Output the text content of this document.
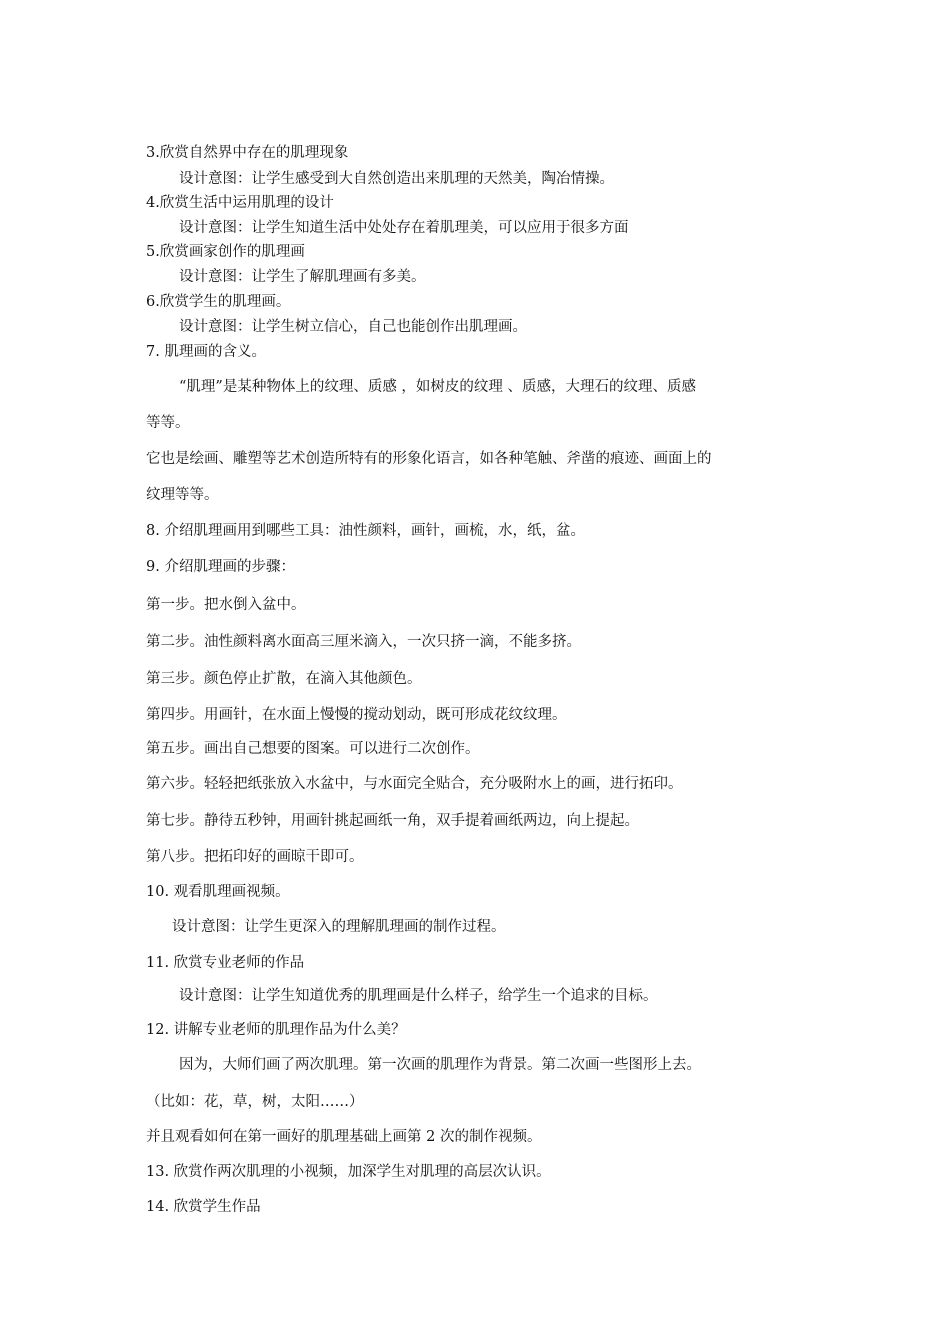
3.欣赏自然界中存在的肌理现象
设计意图：让学生感受到大自然创造出来肌理的天然美，陶冶情操。
4.欣赏生活中运用肌理的设计
设计意图：让学生知道生活中处处存在着肌理美，可以应用于很多方面
5.欣赏画家创作的肌理画
设计意图：让学生了解肌理画有多美。
6.欣赏学生的肌理画。
设计意图：让学生树立信心，自己也能创作出肌理画。
7. 肌理画的含义。
“肌理”是某种物体上的纹理、质感 ，如树皮的纹理 、质感，大理石的纹理、质感
等等。
它也是绘画、雕塑等艺术创造所特有的形象化语言，如各种笔触、斧凿的痕迹、画面上的
纹理等等。
8. 介绍肌理画用到哪些工具：油性颜料，画针，画梳，水，纸，盆。
9. 介绍肌理画的步骤：
第一步。把水倒入盆中。
第二步。油性颜料离水面高三厘米滴入，一次只挤一滴，不能多挤。
第三步。颜色停止扩散，在滴入其他颜色。
第四步。用画针，在水面上慢慢的搅动划动，既可形成花纹纹理。
第五步。画出自己想要的图案。可以进行二次创作。
第六步。轻轻把纸张放入水盆中，与水面完全贴合，充分吸附水上的画，进行拓印。
第七步。静待五秒钟，用画针挑起画纸一角，双手提着画纸两边，向上提起。
第八步。把拓印好的画晾干即可。
10. 观看肌理画视频。
设计意图：让学生更深入的理解肌理画的制作过程。
11. 欣赏专业老师的作品
设计意图：让学生知道优秀的肌理画是什么样子，给学生一个追求的目标。
12. 讲解专业老师的肌理作品为什么美？
因为，大师们画了两次肌理。第一次画的肌理作为背景。第二次画一些图形上去。
（比如：花，草，树，太阳……）
并且观看如何在第一画好的肌理基础上画第 2 次的制作视频。
13. 欣赏作两次肌理的小视频，加深学生对肌理的高层次认识。
14. 欣赏学生作品
